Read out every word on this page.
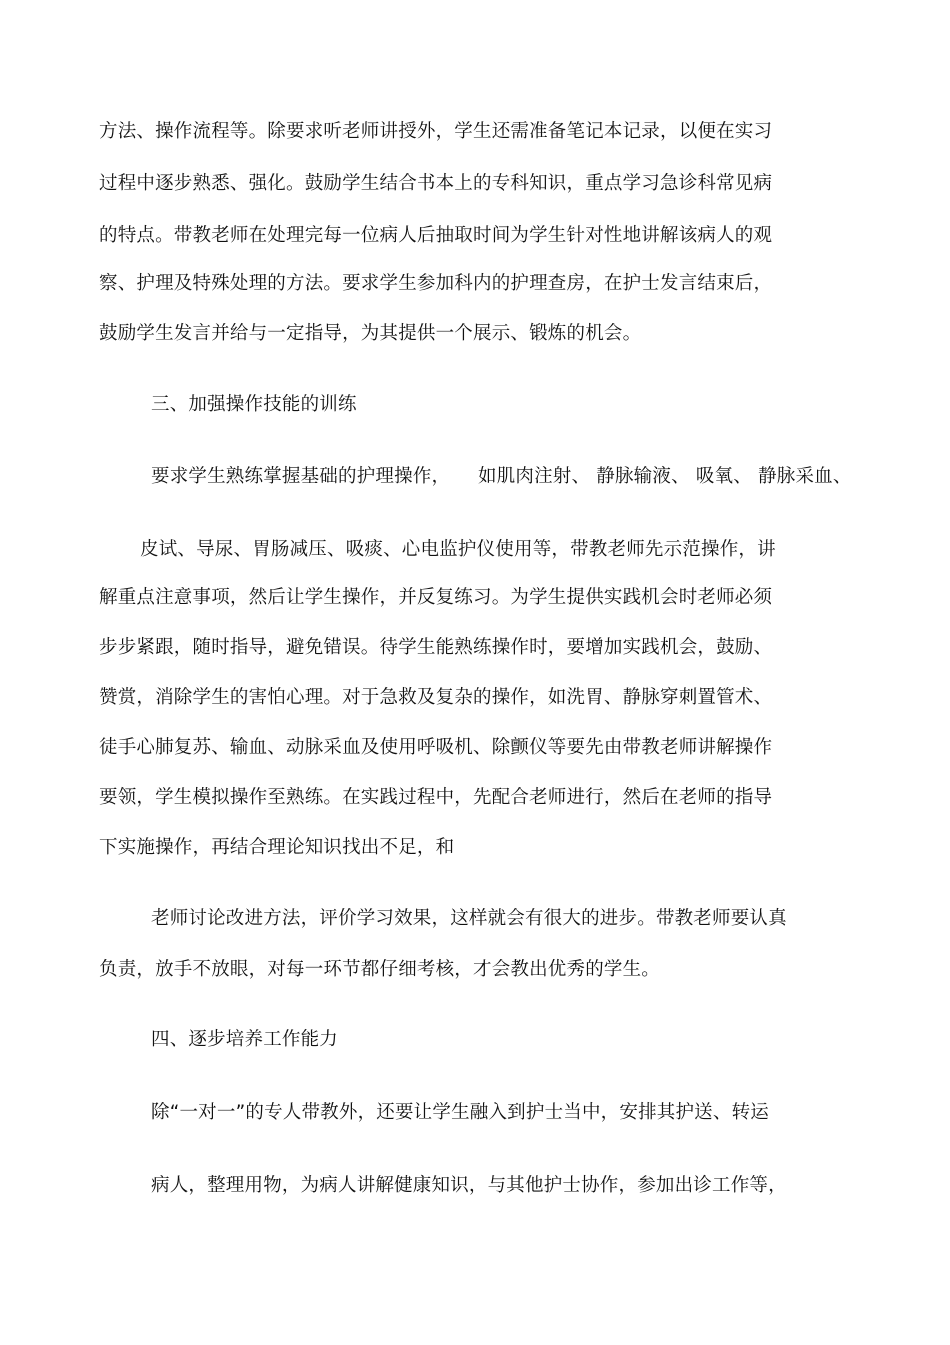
方法、操作流程等。除要求听老师讲授外，学生还需准备笔记本记录，以便在实习

过程中逐步熟悉、强化。鼓励学生结合书本上的专科知识，重点学习急诊科常见病

的特点。带教老师在处理完每一位病人后抽取时间为学生针对性地讲解该病人的观

察、护理及特殊处理的方法。要求学生参加科内的护理查房，在护士发言结束后，

鼓励学生发言并给与一定指导，为其提供一个展示、锻炼的机会。

三、加强操作技能的训练

要求学生熟练掌握基础的护理操作， 如肌肉注射、 静脉输液、 吸氧、 静脉采血、

皮试、导尿、胃肠减压、吸痰、心电监护仪使用等，带教老师先示范操作，讲

解重点注意事项，然后让学生操作，并反复练习。为学生提供实践机会时老师必须

步步紧跟，随时指导，避免错误。待学生能熟练操作时，要增加实践机会，鼓励、

赞赏，消除学生的害怕心理。对于急救及复杂的操作，如洗胃、静脉穿刺置管术、

徒手心肺复苏、输血、动脉采血及使用呼吸机、除颤仪等要先由带教老师讲解操作

要领，学生模拟操作至熟练。在实践过程中，先配合老师进行，然后在老师的指导

下实施操作，再结合理论知识找出不足，和

老师讨论改进方法，评价学习效果，这样就会有很大的进步。带教老师要认真

负责，放手不放眼，对每一环节都仔细考核，才会教出优秀的学生。

四、逐步培养工作能力

除“一对一”的专人带教外，还要让学生融入到护士当中，安排其护送、转运

病人，整理用物，为病人讲解健康知识，与其他护士协作，参加出诊工作等，
